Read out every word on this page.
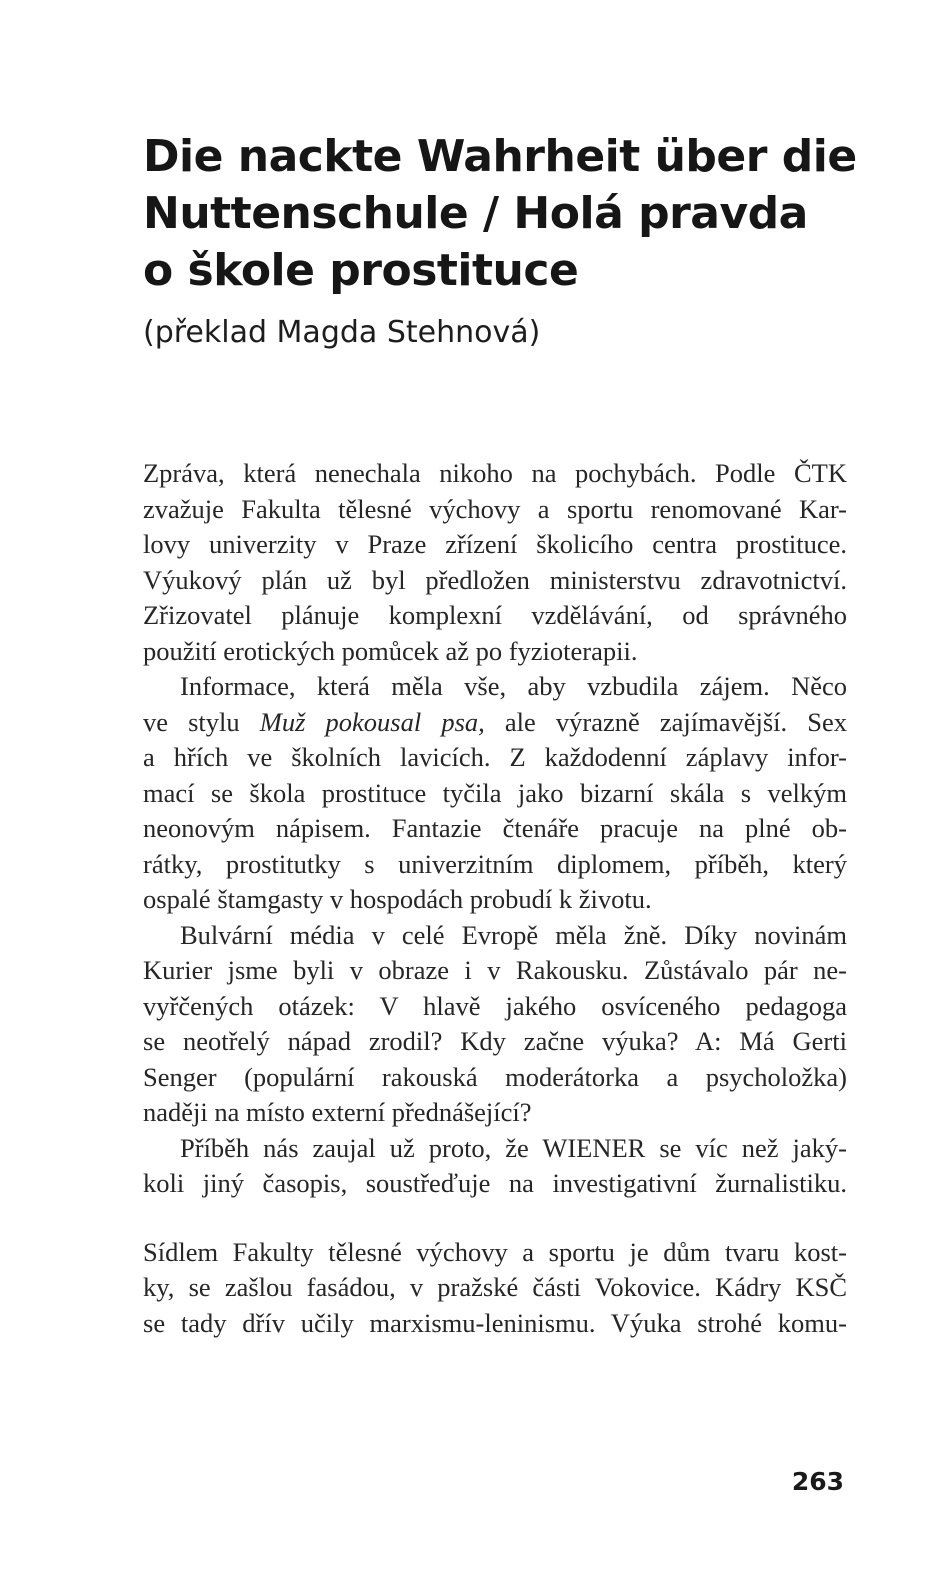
Die nackte Wahrheit über die
Nuttenschule / Holá pravda
o škole prostituce
(překlad Magda Stehnová)
Zpráva, která nenechala nikoho na pochybách. Podle ČTK
zvažuje Fakulta tělesné výchovy a sportu renomované Kar-
lovy univerzity v Praze zřízení školicího centra prostituce.
Výukový plán už byl předložen ministerstvu zdravotnictví.
Zřizovatel plánuje komplexní vzdělávání, od správného
použití erotických pomůcek až po fyzioterapii.
Informace, která měla vše, aby vzbudila zájem. Něco
ve stylu Muž pokousal psa, ale výrazně zajímavější. Sex
a hřích ve školních lavicích. Z každodenní záplavy infor-
mací se škola prostituce tyčila jako bizarní skála s velkým
neonovým nápisem. Fantazie čtenáře pracuje na plné ob-
rátky, prostitutky s univerzitním diplomem, příběh, který
ospalé štamgasty v hospodách probudí k životu.
Bulvární média v celé Evropě měla žně. Díky novinám
Kurier jsme byli v obraze i v Rakousku. Zůstávalo pár ne-
vyřčených otázek: V hlavě jakého osvíceného pedagoga
se neotřelý nápad zrodil? Kdy začne výuka? A: Má Gerti
Senger (populární rakouská moderátorka a psycholožka)
naději na místo externí přednášející?
Příběh nás zaujal už proto, že WIENER se víc než jaký-
koli jiný časopis, soustřeďuje na investigativní žurnalistiku.
Sídlem Fakulty tělesné výchovy a sportu je dům tvaru kost-
ky, se zašlou fasádou, v pražské části Vokovice. Kádry KSČ
se tady dřív učily marxismu-leninismu. Výuka strohé komu-
263
